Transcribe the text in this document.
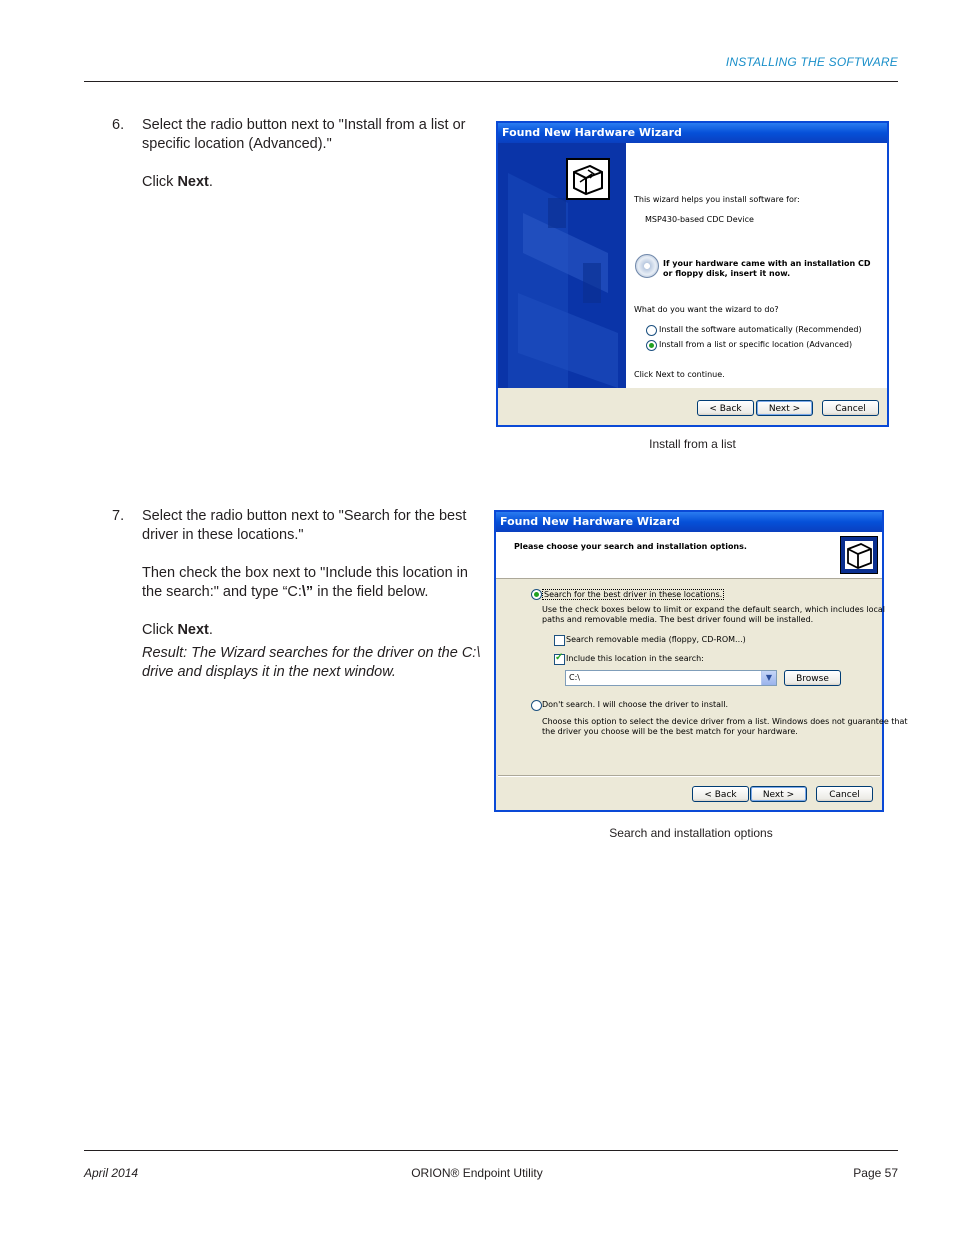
INSTALLING THE SOFTWARE
6. Select the radio button next to "Install from a list or specific location (Advanced)."

Click Next.

Found New Hardware Wizard
This wizard helps you install software for:
MSP430-based CDC Device
If your hardware came with an installation CD
or floppy disk, insert it now.
What do you want the wizard to do?
Install the software automatically (Recommended)
Install from a list or specific location (Advanced)
Click Next to continue.
< Back	Next >	Cancel
Install from a list
7. Select the radio button next to "Search for the best driver in these locations."

Then check the box next to "Include this location in the search:" and type “C:\” in the field below.

Click Next.

Result: The Wizard searches for the driver on the C:\ drive and displays it in the next window.

Found New Hardware Wizard
Please choose your search and installation options.
Search for the best driver in these locations.
Use the check boxes below to limit or expand the default search, which includes local
paths and removable media. The best driver found will be installed.
Search removable media (floppy, CD-ROM...)
✓
Include this location in the search:
C:\	▼	Browse
Don't search. I will choose the driver to install.
Choose this option to select the device driver from a list. Windows does not guarantee that
the driver you choose will be the best match for your hardware.
< Back	Next >	Cancel
Search and installation options
April 2014	ORION® Endpoint Utility	Page 57
